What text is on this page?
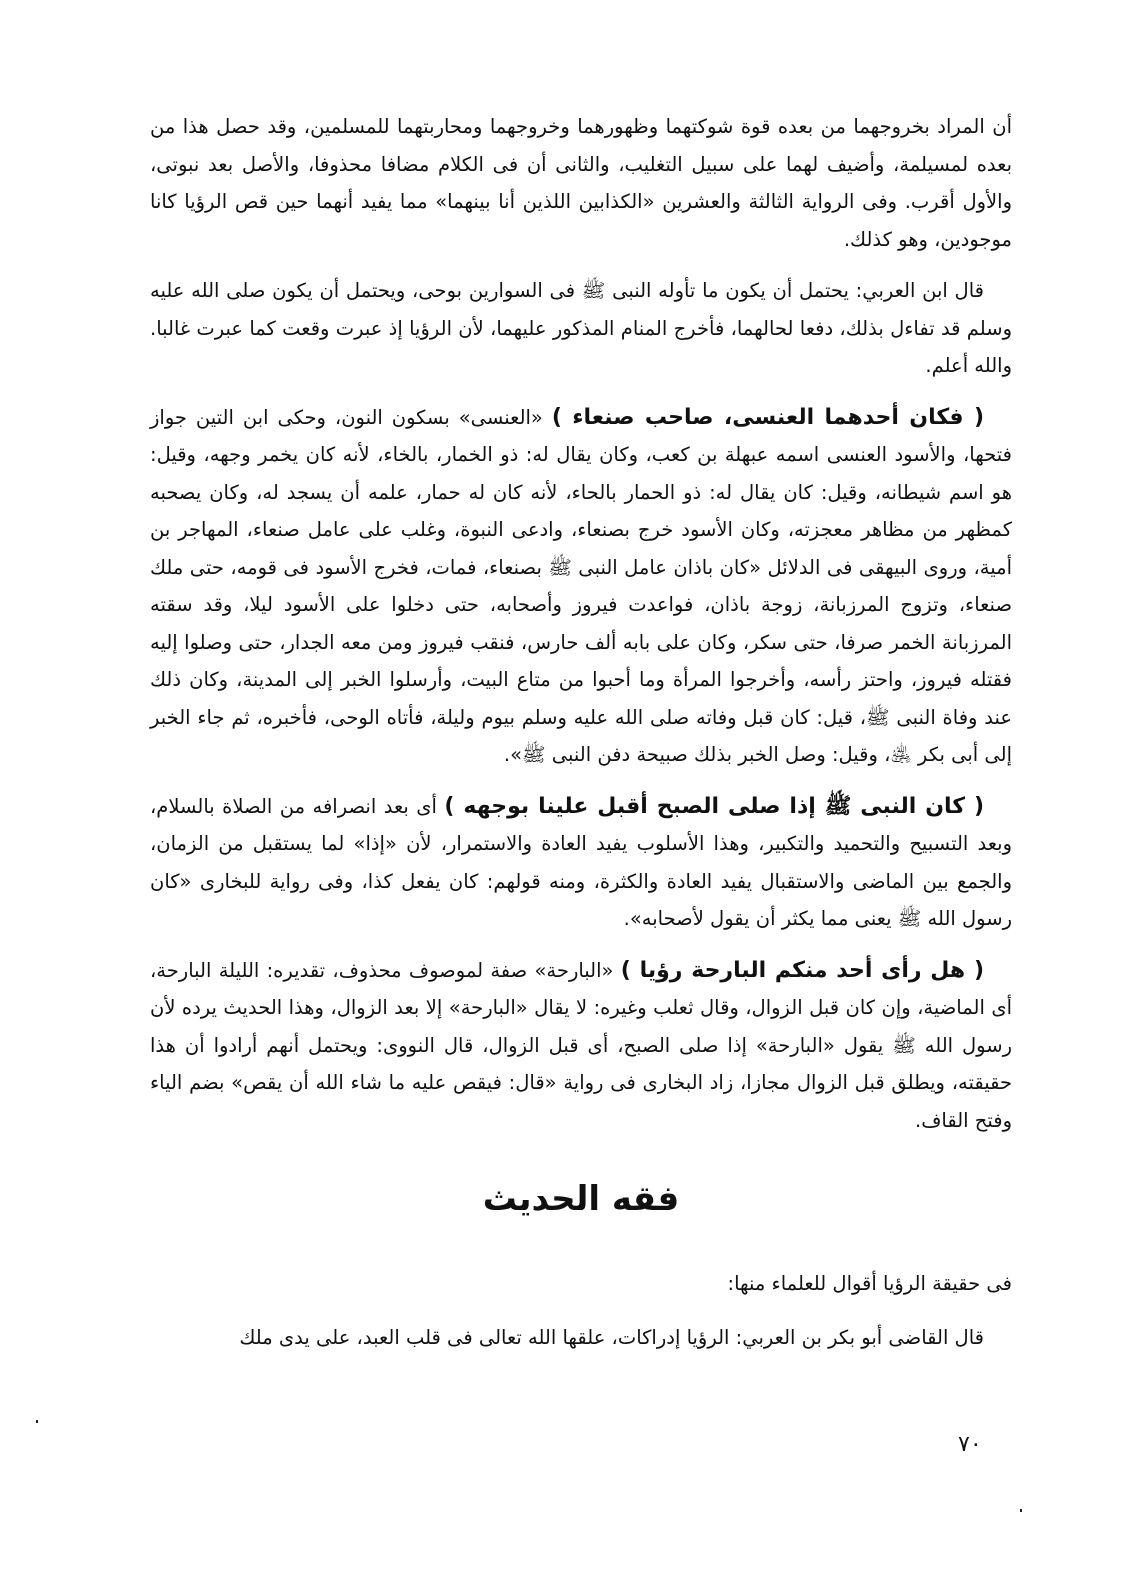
أن المراد بخروجهما من بعده قوة شوكتهما وظهورهما وخروجهما ومحاربتهما للمسلمين، وقد حصل هذا من بعده لمسيلمة، وأضيف لهما على سبيل التغليب، والثانى أن فى الكلام مضافا محذوفا، والأصل بعد نبوتى، والأول أقرب. وفى الرواية الثالثة والعشرين «الكذابين اللذين أنا بينهما» مما يفيد أنهما حين قص الرؤيا كانا موجودين، وهو كذلك.

قال ابن العربي: يحتمل أن يكون ما تأوله النبى ﷺ فى السوارين بوحى، ويحتمل أن يكون صلى الله عليه وسلم قد تفاءل بذلك، دفعا لحالهما، فأخرج المنام المذكور عليهما، لأن الرؤيا إذ عبرت وقعت كما عبرت غالبا. والله أعلم.

( فكان أحدهما العنسى، صاحب صنعاء ) «العنسى» بسكون النون، وحكى ابن التين جواز فتحها، والأسود العنسى اسمه عبهلة بن كعب، وكان يقال له: ذو الخمار، بالخاء، لأنه كان يخمر وجهه، وقيل: هو اسم شيطانه، وقيل: كان يقال له: ذو الحمار بالحاء، لأنه كان له حمار، علمه أن يسجد له، وكان يصحبه كمظهر من مظاهر معجزته، وكان الأسود خرج بصنعاء، وادعى النبوة، وغلب على عامل صنعاء، المهاجر بن أمية، وروى البيهقى فى الدلائل «كان باذان عامل النبى ﷺ بصنعاء، فمات، فخرج الأسود فى قومه، حتى ملك صنعاء، وتزوج المرزبانة، زوجة باذان، فواعدت فيروز وأصحابه، حتى دخلوا على الأسود ليلا، وقد سقته المرزبانة الخمر صرفا، حتى سكر، وكان على بابه ألف حارس، فنقب فيروز ومن معه الجدار، حتى وصلوا إليه فقتله فيروز، واحتز رأسه، وأخرجوا المرأة وما أحبوا من متاع البيت، وأرسلوا الخبر إلى المدينة، وكان ذلك عند وفاة النبى ﷺ، قيل: كان قبل وفاته صلى الله عليه وسلم بيوم وليلة، فأتاه الوحى، فأخبره، ثم جاء الخبر إلى أبى بكر ﵁، وقيل: وصل الخبر بذلك صبيحة دفن النبى ﷺ».

( كان النبى ﷺ إذا صلى الصبح أقبل علينا بوجهه ) أى بعد انصرافه من الصلاة بالسلام، وبعد التسبيح والتحميد والتكبير، وهذا الأسلوب يفيد العادة والاستمرار، لأن «إذا» لما يستقبل من الزمان، والجمع بين الماضى والاستقبال يفيد العادة والكثرة، ومنه قولهم: كان يفعل كذا، وفى رواية للبخارى «كان رسول الله ﷺ يعنى مما يكثر أن يقول لأصحابه».

( هل رأى أحد منكم البارحة رؤيا ) «البارحة» صفة لموصوف محذوف، تقديره: الليلة البارحة، أى الماضية، وإن كان قبل الزوال، وقال ثعلب وغيره: لا يقال «البارحة» إلا بعد الزوال، وهذا الحديث يرده لأن رسول الله ﷺ يقول «البارحة» إذا صلى الصبح، أى قبل الزوال، قال النووى: ويحتمل أنهم أرادوا أن هذا حقيقته، ويطلق قبل الزوال مجازا، زاد البخارى فى رواية «قال: فيقص عليه ما شاء الله أن يقص» بضم الياء وفتح القاف.

فقه الحديث
فى حقيقة الرؤيا أقوال للعلماء منها:
قال القاضى أبو بكر بن العربي: الرؤيا إدراكات، علقها الله تعالى فى قلب العبد، على يدى ملك
٧٠
